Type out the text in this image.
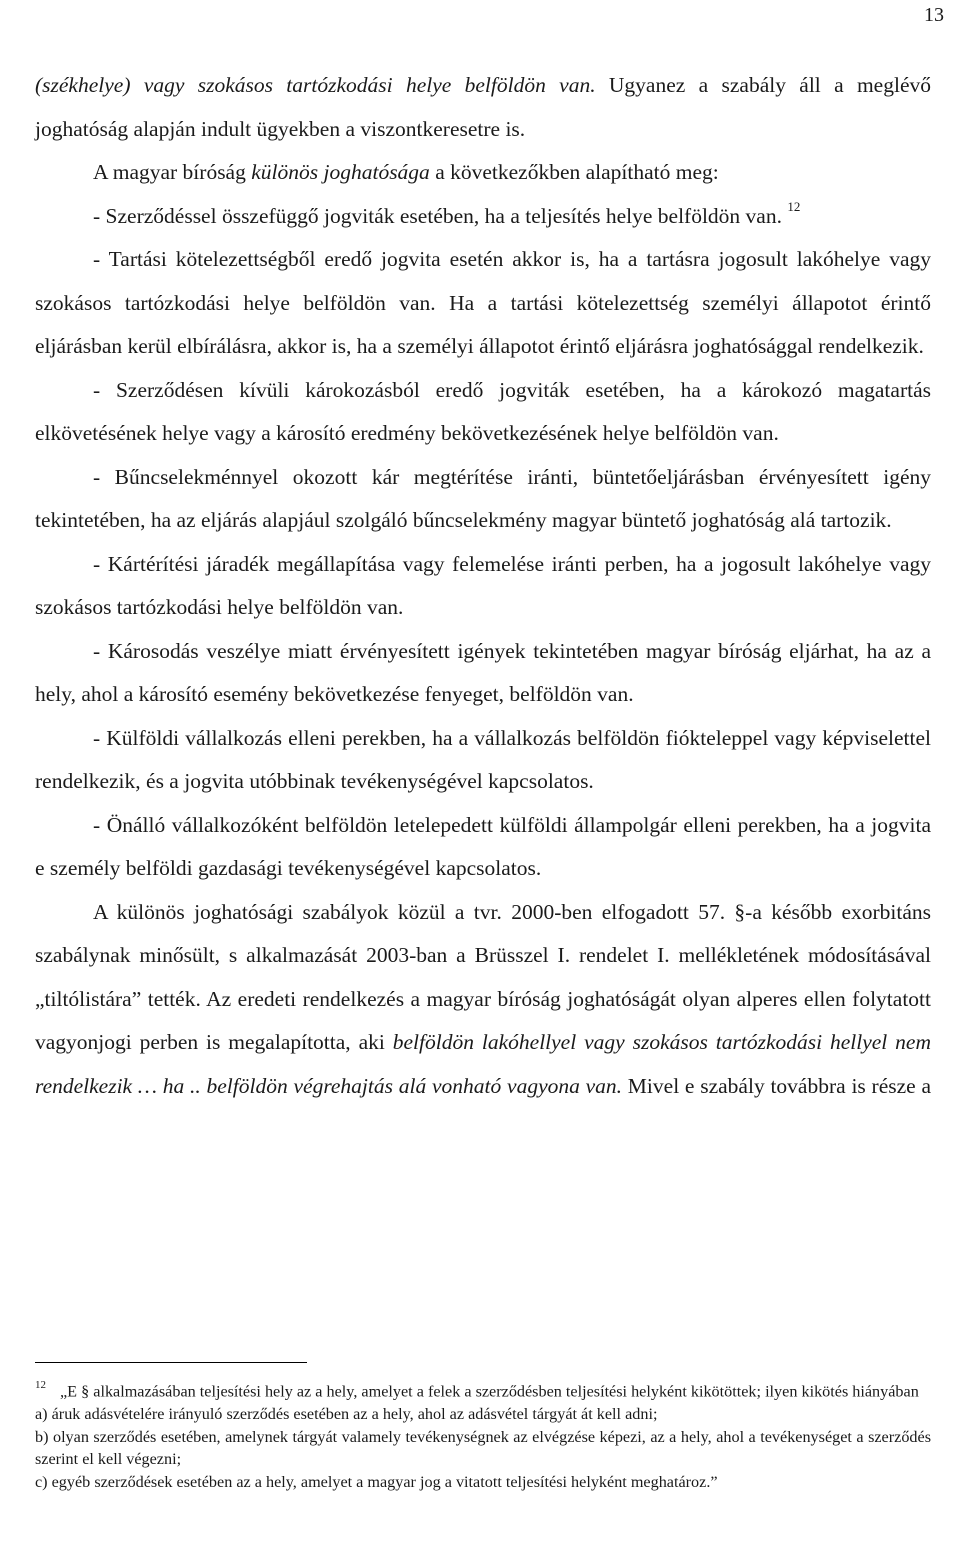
13

(székhelye) vagy szokásos tartózkodási helye belföldön van. Ugyanez a szabály áll a meglévő joghatóság alapján indult ügyekben a viszontkeresetre is.

A magyar bíróság különös joghatósága a következőkben alapítható meg:

- Szerződéssel összefüggő jogviták esetében, ha a teljesítés helye belföldön van. $^{12}$

- Tartási kötelezettségből eredő jogvita esetén akkor is, ha a tartásra jogosult lakóhelye vagy szokásos tartózkodási helye belföldön van. Ha a tartási kötelezettség személyi állapotot érintő eljárásban kerül elbírálásra, akkor is, ha a személyi állapotot érintő eljárásra joghatósággal rendelkezik.

- Szerződésen kívüli károkozásból eredő jogviták esetében, ha a károkozó magatartás elkövetésének helye vagy a károsító eredmény bekövetkezésének helye belföldön van.

- Bűncselekménnyel okozott kár megtérítése iránti, büntetőeljárásban érvényesített igény tekintetében, ha az eljárás alapjául szolgáló bűncselekmény magyar büntető joghatóság alá tartozik.

- Kártérítési járadék megállapítása vagy felemelése iránti perben, ha a jogosult lakóhelye vagy szokásos tartózkodási helye belföldön van.

- Károsodás veszélye miatt érvényesített igények tekintetében magyar bíróság eljárhat, ha az a hely, ahol a károsító esemény bekövetkezése fenyeget, belföldön van.

- Külföldi vállalkozás elleni perekben, ha a vállalkozás belföldön fiókteleppel vagy képviselettel rendelkezik, és a jogvita utóbbinak tevékenységével kapcsolatos.

- Önálló vállalkozóként belföldön letelepedett külföldi állampolgár elleni perekben, ha a jogvita e személy belföldi gazdasági tevékenységével kapcsolatos.

A különös joghatósági szabályok közül a tvr. 2000-ben elfogadott 57. §-a később exorbitáns szabálynak minősült, s alkalmazását 2003-ban a Brüsszel I. rendelet I. mellékletének módosításával „tiltólistára” tették. Az eredeti rendelkezés a magyar bíróság joghatóságát olyan alperes ellen folytatott vagyonjogi perben is megalapította, aki belföldön lakóhellyel vagy szokásos tartózkodási hellyel nem rendelkezik … ha .. belföldön végrehajtás alá vonható vagyona van. Mivel e szabály továbbra is része a

$^{12}$ „E § alkalmazásában teljesítési hely az a hely, amelyet a felek a szerződésben teljesítési helyként kikötöttek; ilyen kikötés hiányában

a) áruk adásvételére irányuló szerződés esetében az a hely, ahol az adásvétel tárgyát át kell adni;

b) olyan szerződés esetében, amelynek tárgyát valamely tevékenységnek az elvégzése képezi, az a hely, ahol a tevékenységet a szerződés szerint el kell végezni;

c) egyéb szerződések esetében az a hely, amelyet a magyar jog a vitatott teljesítési helyként meghatároz.”
